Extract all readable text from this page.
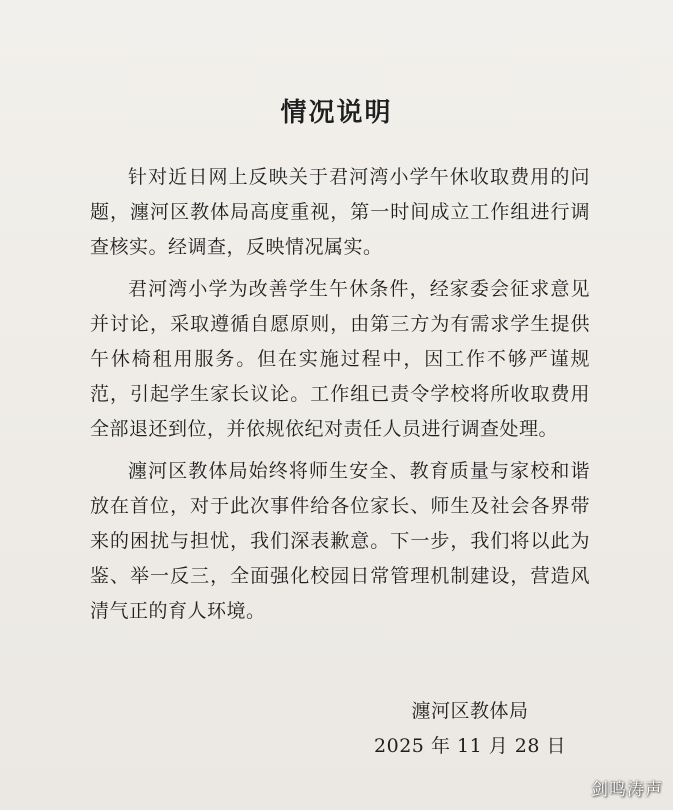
情况说明

针对近日网上反映关于君河湾小学午休收取费用的问题，瀍河区教体局高度重视，第一时间成立工作组进行调查核实。经调查，反映情况属实。

君河湾小学为改善学生午休条件，经家委会征求意见并讨论，采取遵循自愿原则，由第三方为有需求学生提供午休椅租用服务。但在实施过程中，因工作不够严谨规范，引起学生家长议论。工作组已责令学校将所收取费用全部退还到位，并依规依纪对责任人员进行调查处理。

瀍河区教体局始终将师生安全、教育质量与家校和谐放在首位，对于此次事件给各位家长、师生及社会各界带来的困扰与担忧，我们深表歉意。下一步，我们将以此为鉴、举一反三，全面强化校园日常管理机制建设，营造风清气正的育人环境。

瀍河区教体局
2025 年 11 月 28 日
剑鸣涛声
